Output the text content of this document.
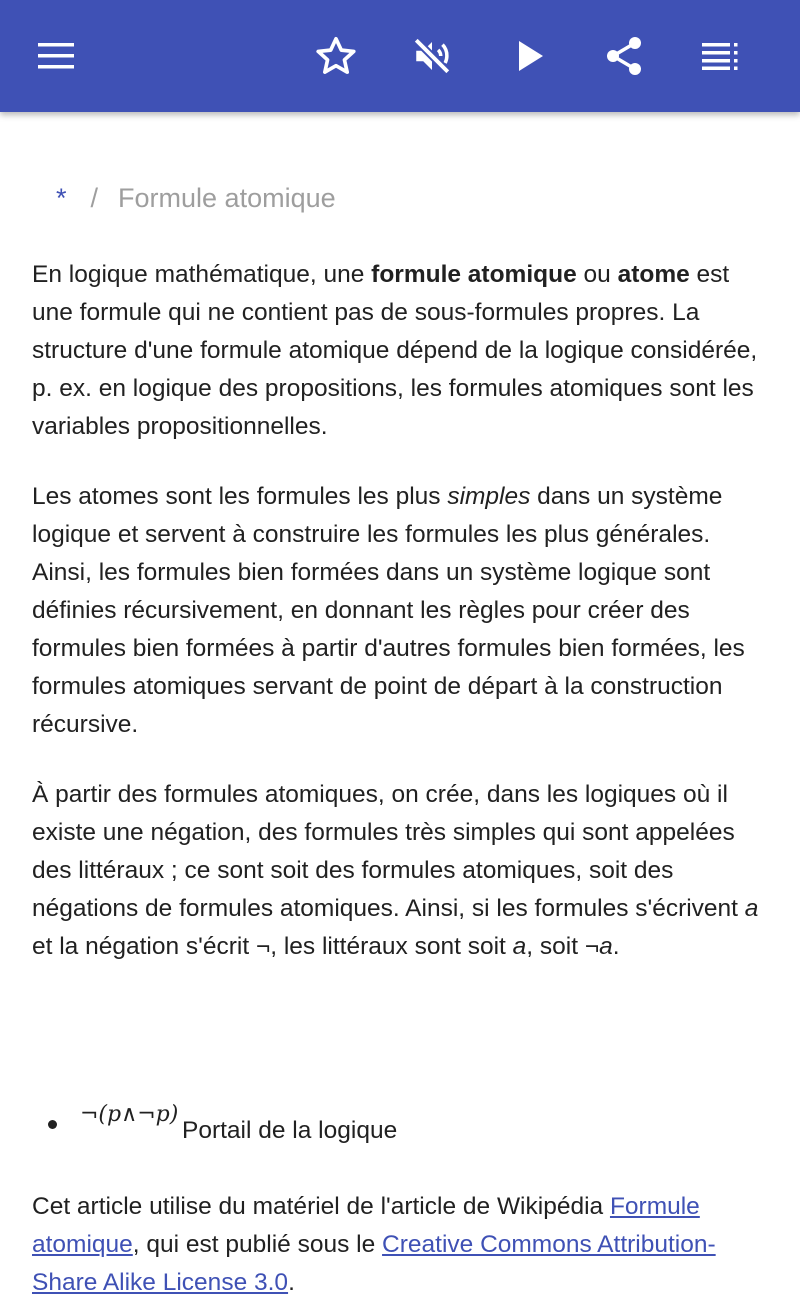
* / Formule atomique

En logique mathématique, une formule atomique ou atome est une formule qui ne contient pas de sous-formules propres. La structure d'une formule atomique dépend de la logique considérée, p. ex. en logique des propositions, les formules atomiques sont les variables propositionnelles.

Les atomes sont les formules les plus simples dans un système logique et servent à construire les formules les plus générales. Ainsi, les formules bien formées dans un système logique sont définies récursivement, en donnant les règles pour créer des formules bien formées à partir d'autres formules bien formées, les formules atomiques servant de point de départ à la construction récursive.

À partir des formules atomiques, on crée, dans les logiques où il existe une négation, des formules très simples qui sont appelées des littéraux ; ce sont soit des formules atomiques, soit des négations de formules atomiques. Ainsi, si les formules s'écrivent a et la négation s'écrit ¬, les littéraux sont soit a, soit ¬a.

¬(p∧¬p)
Portail de la logique
Cet article utilise du matériel de l'article de Wikipédia Formule atomique, qui est publié sous le Creative Commons Attribution-Share Alike License 3.0.
